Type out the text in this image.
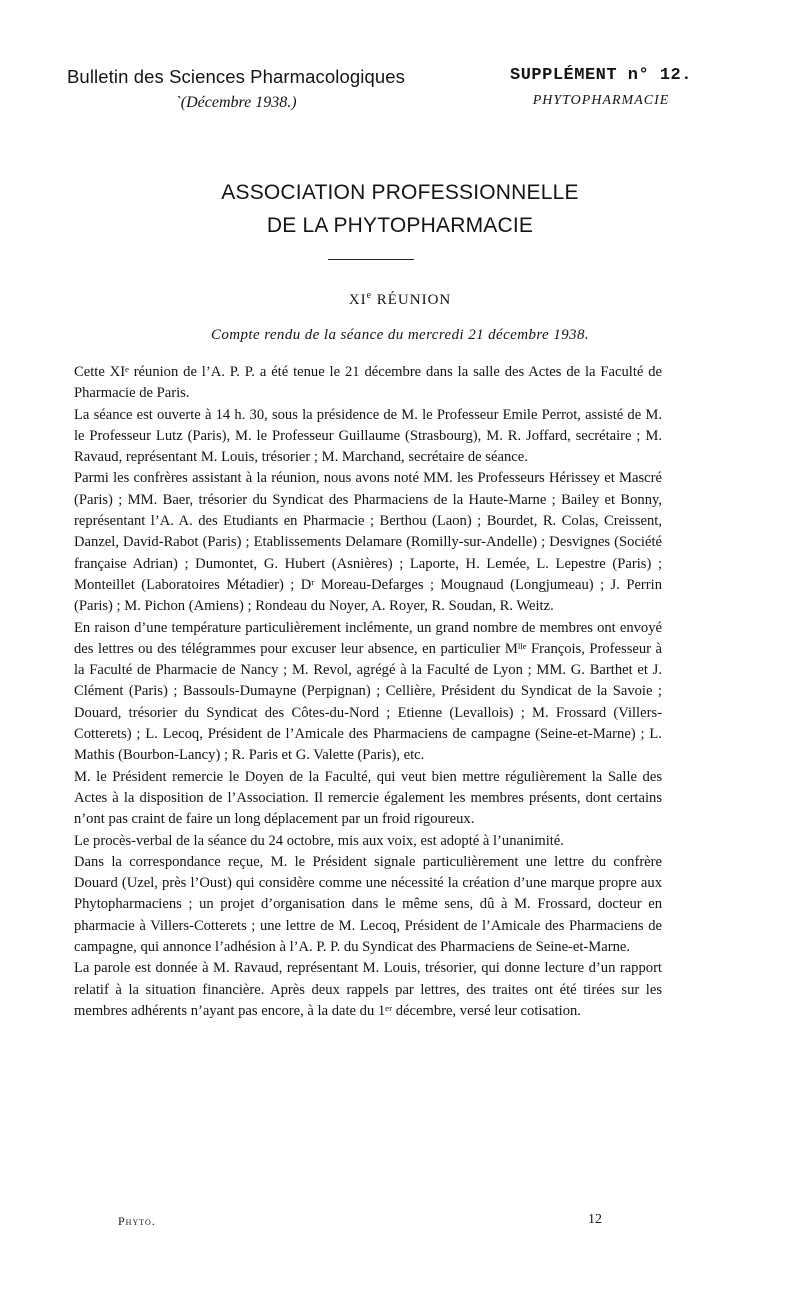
Bulletin des Sciences Pharmacologiques
`(Décembre 1938.)
SUPPLÉMENT n° 12.
PHYTOPHARMACIE
ASSOCIATION PROFESSIONNELLE
DE LA PHYTOPHARMACIE
XIe RÉUNION
Compte rendu de la séance du mercredi 21 décembre 1938.

Cette XIᵉ réunion de l’A. P. P. a été tenue le 21 décembre dans la salle des Actes de la Faculté de Pharmacie de Paris.

La séance est ouverte à 14 h. 30, sous la présidence de M. le Professeur Emile Perrot, assisté de M. le Professeur Lutz (Paris), M. le Professeur Guillaume (Strasbourg), M. R. Joffard, secrétaire ; M. Ravaud, représentant M. Louis, trésorier ; M. Marchand, secrétaire de séance.

Parmi les confrères assistant à la réunion, nous avons noté MM. les Professeurs Hérissey et Mascré (Paris) ; MM. Baer, trésorier du Syndicat des Pharmaciens de la Haute-Marne ; Bailey et Bonny, représentant l’A. A. des Etudiants en Pharmacie ; Berthou (Laon) ; Bourdet, R. Colas, Creissent, Danzel, David-Rabot (Paris) ; Etablissements Delamare (Romilly-sur-Andelle) ; Desvignes (Société française Adrian) ; Dumontet, G. Hubert (Asnières) ; Laporte, H. Lemée, L. Lepestre (Paris) ; Monteillet (Laboratoires Métadier) ; Dʳ Moreau-Defarges ; Mougnaud (Longjumeau) ; J. Perrin (Paris) ; M. Pichon (Amiens) ; Rondeau du Noyer, A. Royer, R. Soudan, R. Weitz.

En raison d’une température particulièrement inclémente, un grand nombre de membres ont envoyé des lettres ou des télégrammes pour excuser leur absence, en particulier Mˡˡᵉ François, Professeur à la Faculté de Pharmacie de Nancy ; M. Revol, agrégé à la Faculté de Lyon ; MM. G. Barthet et J. Clément (Paris) ; Bassouls-Dumayne (Perpignan) ; Cellière, Président du Syndicat de la Savoie ; Douard, trésorier du Syndicat des Côtes-du-Nord ; Etienne (Levallois) ; M. Frossard (Villers-Cotterets) ; L. Lecoq, Président de l’Amicale des Pharmaciens de campagne (Seine-et-Marne) ; L. Mathis (Bourbon-Lancy) ; R. Paris et G. Valette (Paris), etc.

M. le Président remercie le Doyen de la Faculté, qui veut bien mettre régulièrement la Salle des Actes à la disposition de l’Association. Il remercie également les membres présents, dont certains n’ont pas craint de faire un long déplacement par un froid rigoureux.

Le procès-verbal de la séance du 24 octobre, mis aux voix, est adopté à l’unanimité.

Dans la correspondance reçue, M. le Président signale particulièrement une lettre du confrère Douard (Uzel, près l’Oust) qui considère comme une nécessité la création d’une marque propre aux Phytopharmaciens ; un projet d’organisation dans le même sens, dû à M. Frossard, docteur en pharmacie à Villers-Cotterets ; une lettre de M. Lecoq, Président de l’Amicale des Pharmaciens de campagne, qui annonce l’adhésion à l’A. P. P. du Syndicat des Pharmaciens de Seine-et-Marne.

La parole est donnée à M. Ravaud, représentant M. Louis, trésorier, qui donne lecture d’un rapport relatif à la situation financière. Après deux rappels par lettres, des traites ont été tirées sur les membres adhérents n’ayant pas encore, à la date du 1ᵉʳ décembre, versé leur cotisation.

Phyto.	12
